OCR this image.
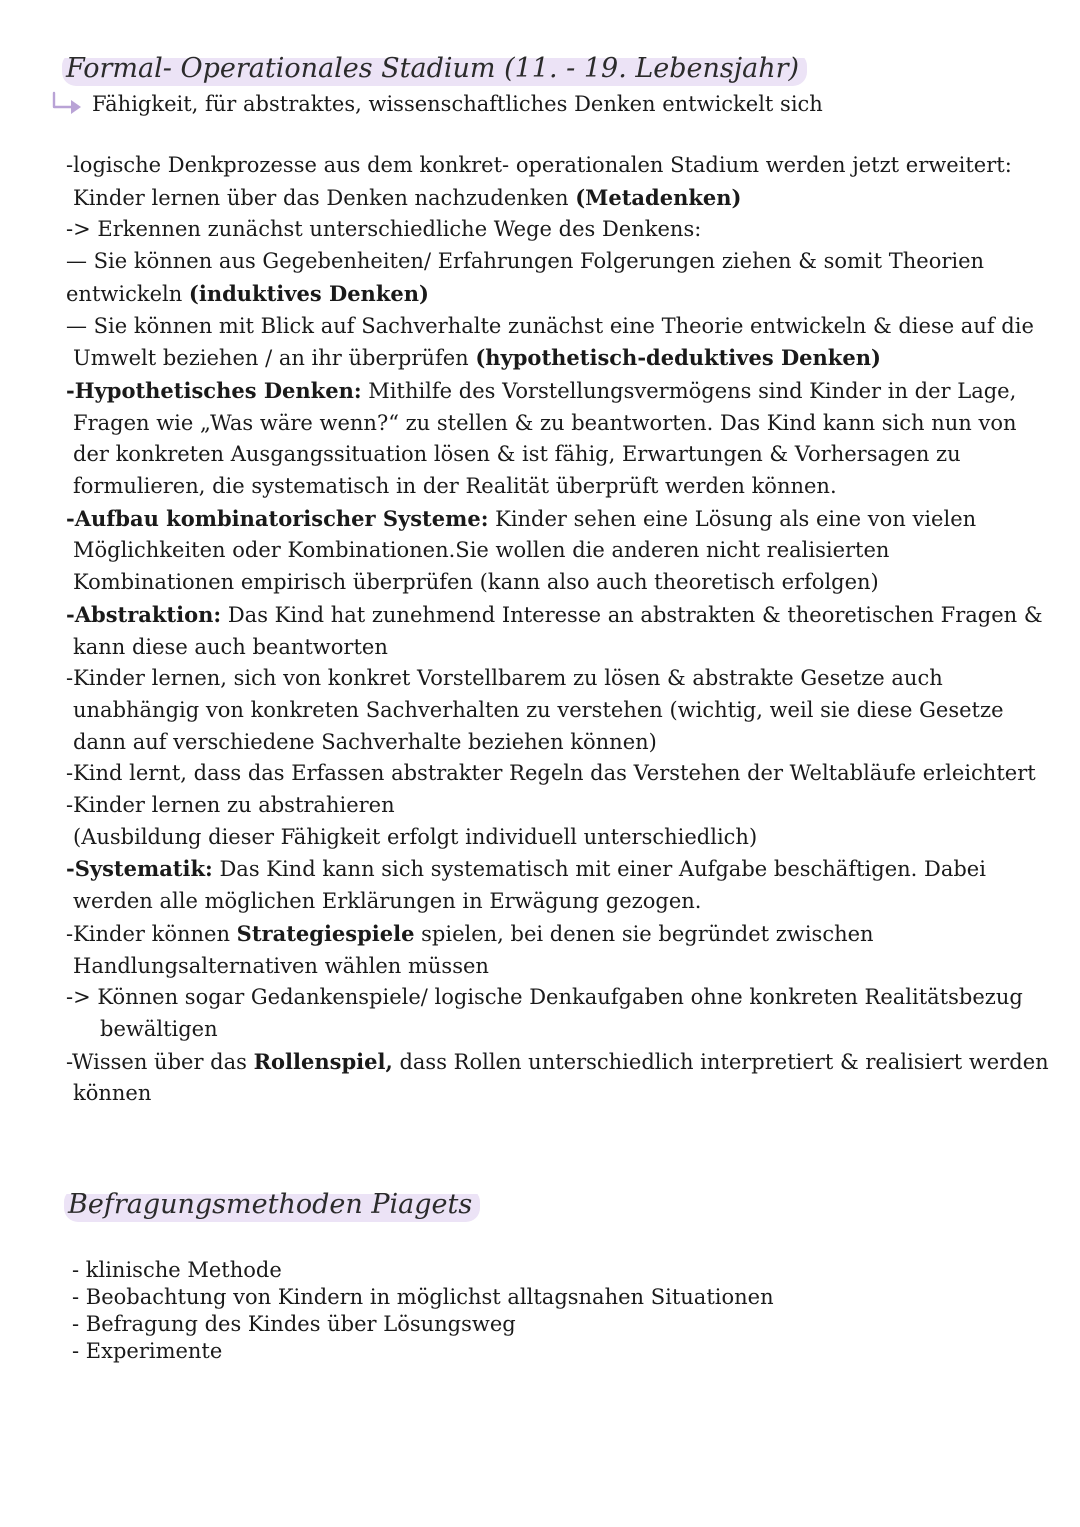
Formal- Operationales Stadium (11. - 19. Lebensjahr)
Fähigkeit, für abstraktes, wissenschaftliches Denken entwickelt sich
-logische Denkprozesse aus dem konkret- operationalen Stadium werden jetzt erweitert:
Kinder lernen über das Denken nachzudenken (Metadenken)
-> Erkennen zunächst unterschiedliche Wege des Denkens:
— Sie können aus Gegebenheiten/ Erfahrungen Folgerungen ziehen & somit Theorien
entwickeln (induktives Denken)
— Sie können mit Blick auf Sachverhalte zunächst eine Theorie entwickeln & diese auf die
Umwelt beziehen / an ihr überprüfen (hypothetisch-deduktives Denken)
-Hypothetisches Denken: Mithilfe des Vorstellungsvermögens sind Kinder in der Lage,
Fragen wie „Was wäre wenn?“ zu stellen & zu beantworten. Das Kind kann sich nun von
der konkreten Ausgangssituation lösen & ist fähig, Erwartungen & Vorhersagen zu
formulieren, die systematisch in der Realität überprüft werden können.
-Aufbau kombinatorischer Systeme: Kinder sehen eine Lösung als eine von vielen
Möglichkeiten oder Kombinationen.Sie wollen die anderen nicht realisierten
Kombinationen empirisch überprüfen (kann also auch theoretisch erfolgen)
-Abstraktion: Das Kind hat zunehmend Interesse an abstrakten & theoretischen Fragen &
kann diese auch beantworten
-Kinder lernen, sich von konkret Vorstellbarem zu lösen & abstrakte Gesetze auch
unabhängig von konkreten Sachverhalten zu verstehen (wichtig, weil sie diese Gesetze
dann auf verschiedene Sachverhalte beziehen können)
-Kind lernt, dass das Erfassen abstrakter Regeln das Verstehen der Weltabläufe erleichtert
-Kinder lernen zu abstrahieren
(Ausbildung dieser Fähigkeit erfolgt individuell unterschiedlich)
-Systematik: Das Kind kann sich systematisch mit einer Aufgabe beschäftigen. Dabei
werden alle möglichen Erklärungen in Erwägung gezogen.
-Kinder können Strategiespiele spielen, bei denen sie begründet zwischen
Handlungsalternativen wählen müssen
-> Können sogar Gedankenspiele/ logische Denkaufgaben ohne konkreten Realitätsbezug
bewältigen
-Wissen über das Rollenspiel, dass Rollen unterschiedlich interpretiert & realisiert werden
können
Befragungsmethoden Piagets
- klinische Methode
- Beobachtung von Kindern in möglichst alltagsnahen Situationen
- Befragung des Kindes über Lösungsweg
- Experimente
